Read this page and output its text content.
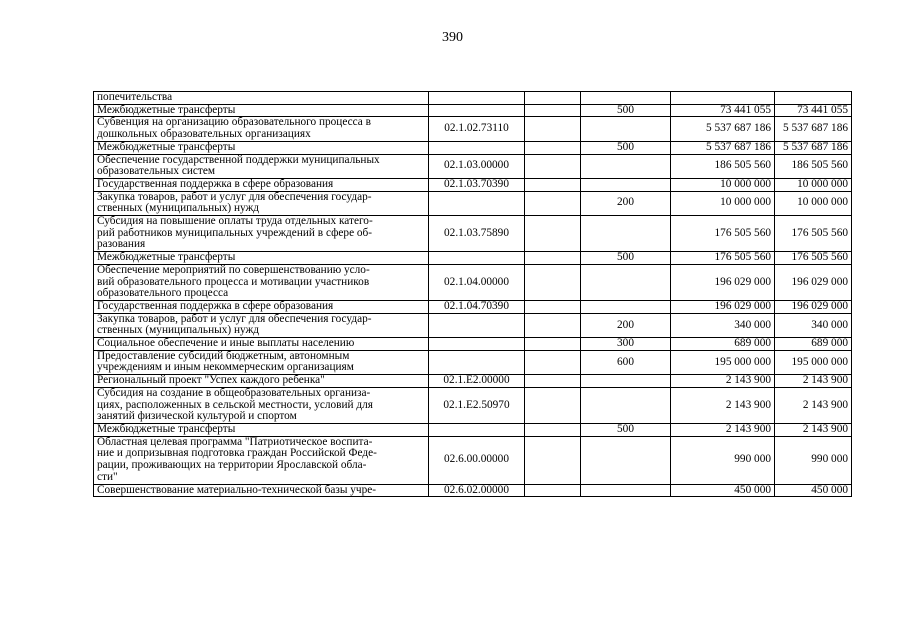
390
попечительства					
Межбюджетные трансферты			500	73 441 055	73 441 055
Субвенция на организацию образовательного процесса в
дошкольных образовательных организациях	02.1.02.73110			5 537 687 186	5 537 687 186
Межбюджетные трансферты			500	5 537 687 186	5 537 687 186
Обеспечение государственной поддержки муниципальных
образовательных систем	02.1.03.00000			186 505 560	186 505 560
Государственная поддержка в сфере образования	02.1.03.70390			10 000 000	10 000 000
Закупка товаров, работ и услуг для обеспечения государ-
ственных (муниципальных) нужд			200	10 000 000	10 000 000
Субсидия на повышение оплаты труда отдельных катего-
рий работников муниципальных учреждений в сфере об-
разования	02.1.03.75890			176 505 560	176 505 560
Межбюджетные трансферты			500	176 505 560	176 505 560
Обеспечение мероприятий по совершенствованию усло-
вий образовательного процесса и мотивации участников
образовательного процесса	02.1.04.00000			196 029 000	196 029 000
Государственная поддержка в сфере образования	02.1.04.70390			196 029 000	196 029 000
Закупка товаров, работ и услуг для обеспечения государ-
ственных (муниципальных) нужд			200	340 000	340 000
Социальное обеспечение и иные выплаты населению			300	689 000	689 000
Предоставление субсидий бюджетным, автономным
учреждениям и иным некоммерческим организациям			600	195 000 000	195 000 000
Региональный проект "Успех каждого ребенка"	02.1.E2.00000			2 143 900	2 143 900
Субсидия на создание в общеобразовательных организа-
циях, расположенных в сельской местности, условий для
занятий физической культурой и спортом	02.1.E2.50970			2 143 900	2 143 900
Межбюджетные трансферты			500	2 143 900	2 143 900
Областная целевая программа "Патриотическое воспита-
ние и допризывная подготовка граждан Российской Феде-
рации, проживающих на территории Ярославской обла-
сти"	02.6.00.00000			990 000	990 000
Совершенствование материально-технической базы учре-	02.6.02.00000			450 000	450 000
